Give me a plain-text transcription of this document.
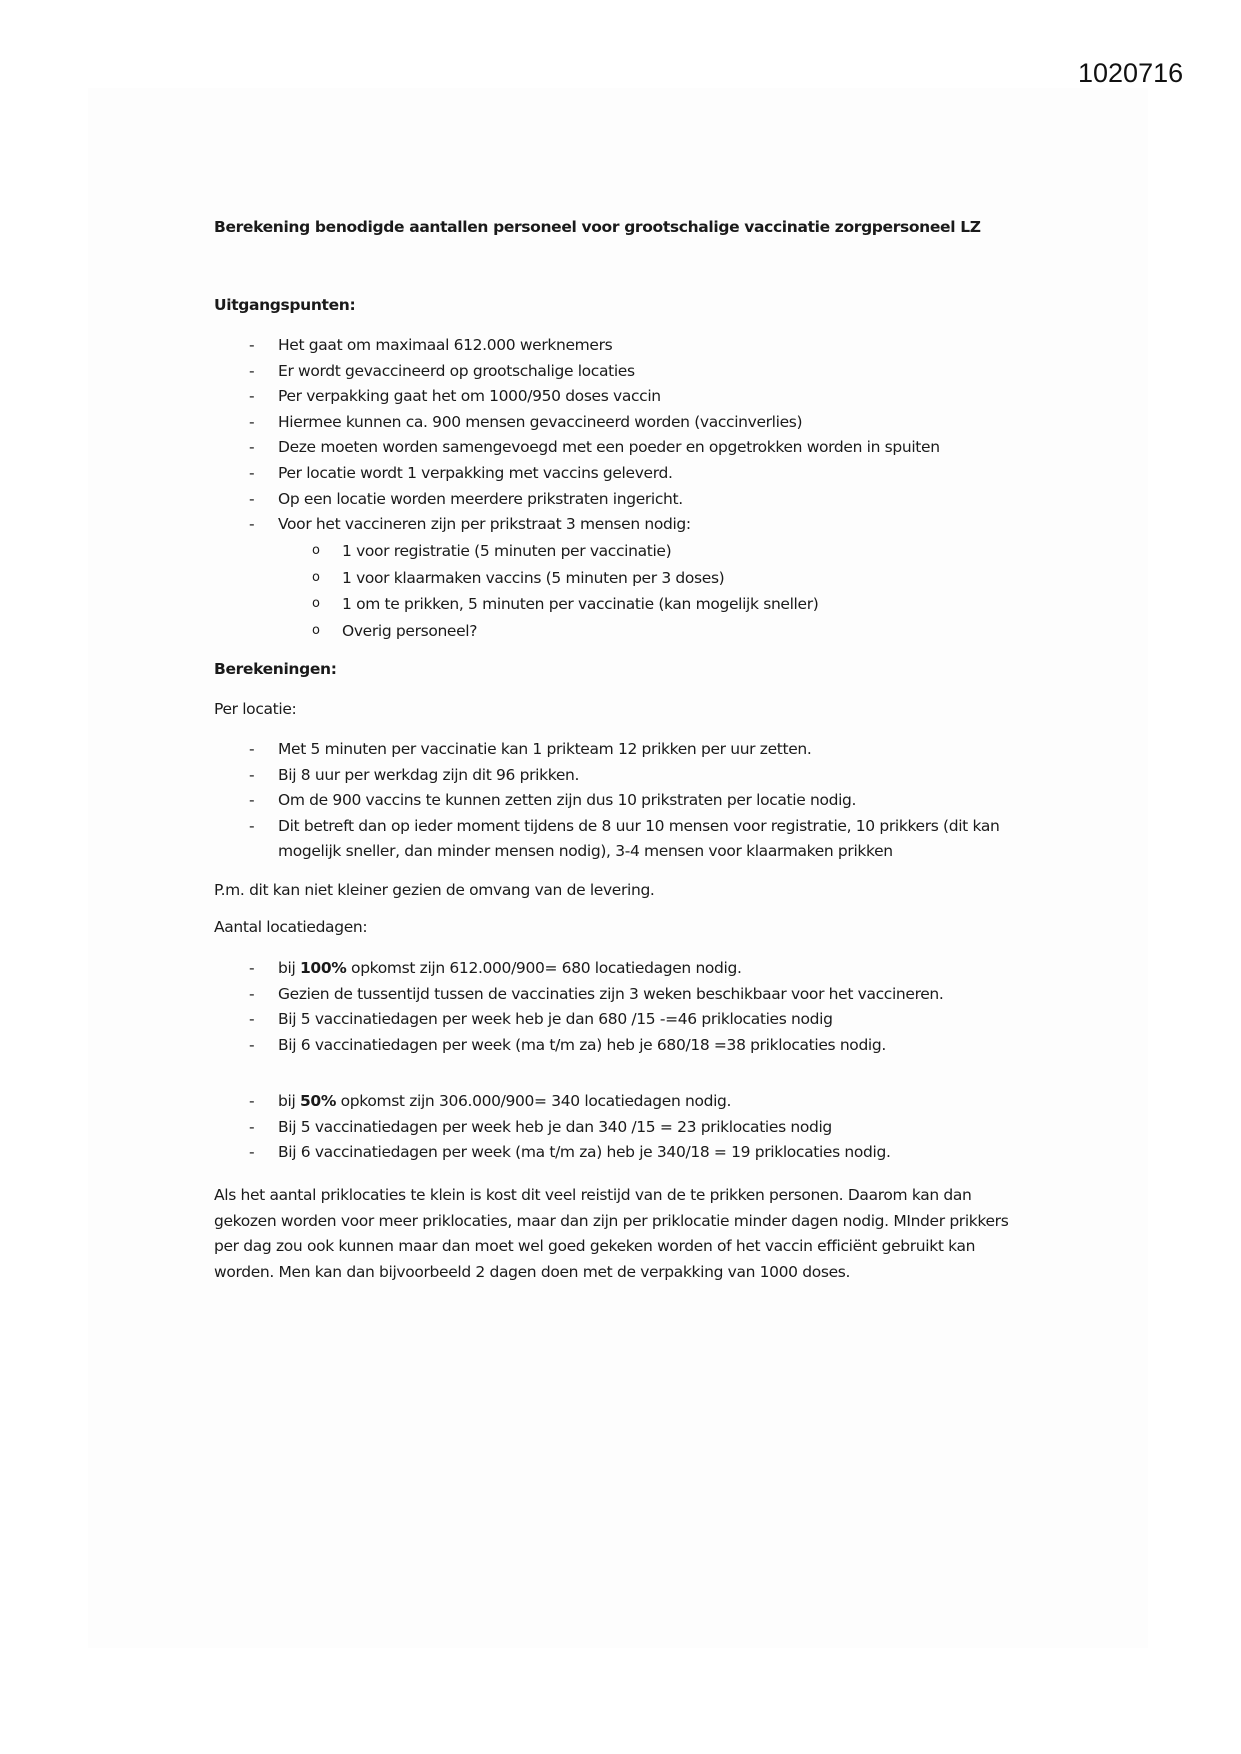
1020716
Berekening benodigde aantallen personeel voor grootschalige vaccinatie zorgpersoneel LZ
Uitgangspunten:
- Het gaat om maximaal 612.000 werknemers
- Er wordt gevaccineerd op grootschalige locaties
- Per verpakking gaat het om 1000/950 doses vaccin
- Hiermee kunnen ca. 900 mensen gevaccineerd worden (vaccinverlies)
- Deze moeten worden samengevoegd met een poeder en opgetrokken worden in spuiten
- Per locatie wordt 1 verpakking met vaccins geleverd.
- Op een locatie worden meerdere prikstraten ingericht.
- Voor het vaccineren zijn per prikstraat 3 mensen nodig:
o 1 voor registratie (5 minuten per vaccinatie)
o 1 voor klaarmaken vaccins (5 minuten per 3 doses)
o 1 om te prikken, 5 minuten per vaccinatie (kan mogelijk sneller)
o Overig personeel?
Berekeningen:
Per locatie:
- Met 5 minuten per vaccinatie kan 1 prikteam 12 prikken per uur zetten.
- Bij 8 uur per werkdag zijn dit 96 prikken.
- Om de 900 vaccins te kunnen zetten zijn dus 10 prikstraten per locatie nodig.
- Dit betreft dan op ieder moment tijdens de 8 uur 10 mensen voor registratie, 10 prikkers (dit kan mogelijk sneller, dan minder mensen nodig), 3-4 mensen voor klaarmaken prikken
P.m. dit kan niet kleiner gezien de omvang van de levering.
Aantal locatiedagen:
- bij 100% opkomst zijn 612.000/900= 680 locatiedagen nodig.
- Gezien de tussentijd tussen de vaccinaties zijn 3 weken beschikbaar voor het vaccineren.
- Bij 5 vaccinatiedagen per week heb je dan 680 /15 -=46 priklocaties nodig
- Bij 6 vaccinatiedagen per week (ma t/m za) heb je 680/18 =38 priklocaties nodig.
- bij 50% opkomst zijn 306.000/900= 340 locatiedagen nodig.
- Bij 5 vaccinatiedagen per week heb je dan 340 /15 = 23 priklocaties nodig
- Bij 6 vaccinatiedagen per week (ma t/m za) heb je 340/18 = 19 priklocaties nodig.
Als het aantal priklocaties te klein is kost dit veel reistijd van de te prikken personen. Daarom kan dan gekozen worden voor meer priklocaties, maar dan zijn per priklocatie minder dagen nodig. MInder prikkers per dag zou ook kunnen maar dan moet wel goed gekeken worden of het vaccin efficiënt gebruikt kan worden. Men kan dan bijvoorbeeld 2 dagen doen met de verpakking van 1000 doses.
